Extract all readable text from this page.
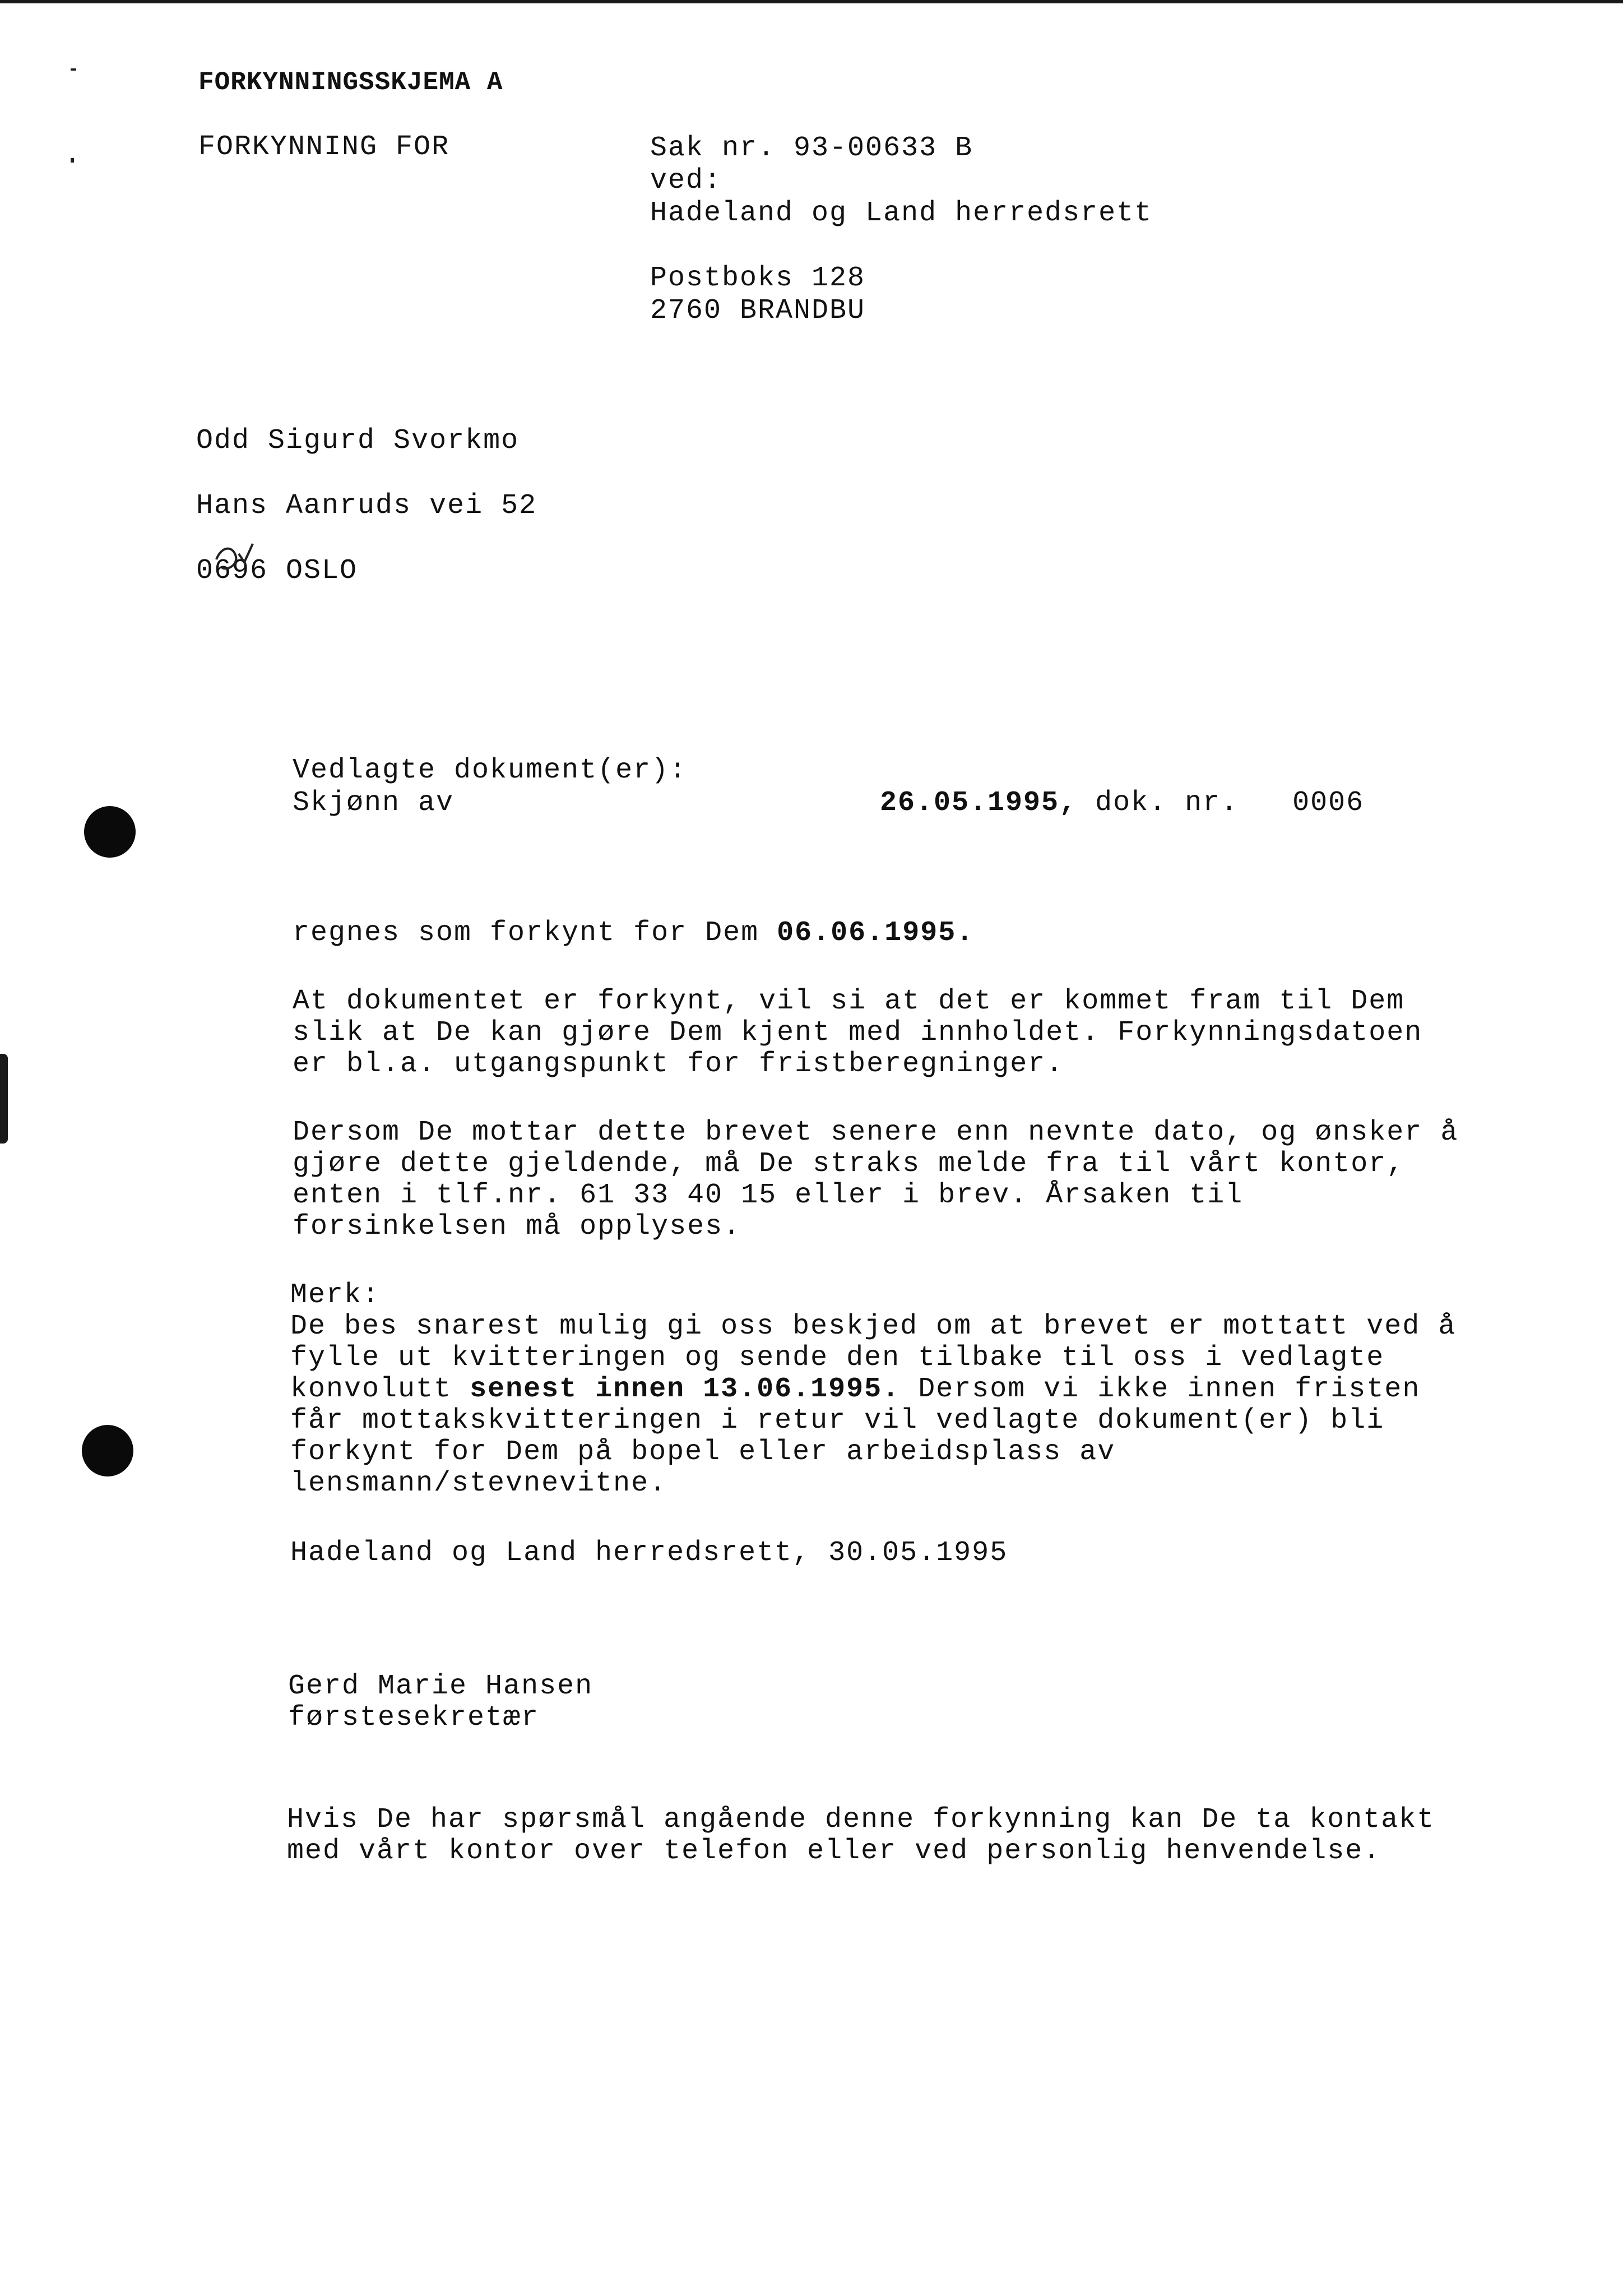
FORKYNNINGSSKJEMA A
FORKYNNING FOR	Sak nr. 93-00633 B
ved:
Hadeland og Land herredsrett
Postboks 128
2760 BRANDBU
Odd Sigurd Svorkmo
Hans Aanruds vei 52
0696 OSLO
Vedlagte dokument(er):
Skjønn av	26.05.1995, dok. nr. 0006
regnes som forkynt for Dem 06.06.1995.
At dokumentet er forkynt, vil si at det er kommet fram til Dem
slik at De kan gjøre Dem kjent med innholdet. Forkynningsdatoen
er bl.a. utgangspunkt for fristberegninger.
Dersom De mottar dette brevet senere enn nevnte dato, og ønsker å
gjøre dette gjeldende, må De straks melde fra til vårt kontor,
enten i tlf.nr. 61 33 40 15 eller i brev. Årsaken til
forsinkelsen må opplyses.
Merk:
De bes snarest mulig gi oss beskjed om at brevet er mottatt ved å
fylle ut kvitteringen og sende den tilbake til oss i vedlagte
konvolutt senest innen 13.06.1995. Dersom vi ikke innen fristen
får mottakskvitteringen i retur vil vedlagte dokument(er) bli
forkynt for Dem på bopel eller arbeidsplass av
lensmann/stevnevitne.
Hadeland og Land herredsrett, 30.05.1995
Gerd Marie Hansen
førstesekretær
Hvis De har spørsmål angående denne forkynning kan De ta kontakt
med vårt kontor over telefon eller ved personlig henvendelse.
